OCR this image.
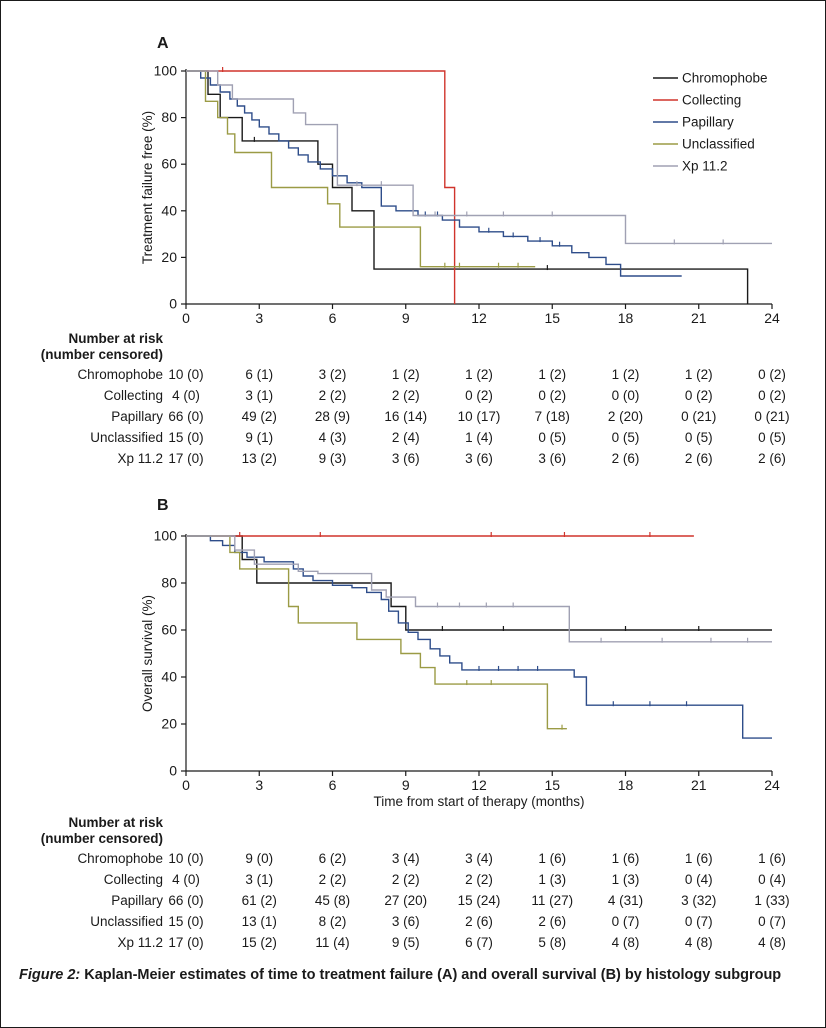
A
0	3	6	9	12	15	18	21	24
0
20
40
60
80
100
Treatment failure free (%)
Chromophobe
Collecting
Papillary
Unclassified
Xp 11.2
Number at risk
(number censored)
Chromophobe 10 (0)	6 (1)	3 (2)	1 (2)	1 (2)	1 (2)	1 (2)	1 (2)	0 (2)
Collecting 4 (0)	3 (1)	2 (2)	2 (2)	0 (2)	0 (2)	0 (0)	0 (2)	0 (2)
Papillary 66 (0)	49 (2)	28 (9)	16 (14)	10 (17)	7 (18)	2 (20)	0 (21)	0 (21)
Unclassified 15 (0)	9 (1)	4 (3)	2 (4)	1 (4)	0 (5)	0 (5)	0 (5)	0 (5)
Xp 11.2 17 (0)	13 (2)	9 (3)	3 (6)	3 (6)	3 (6)	2 (6)	2 (6)	2 (6)
B
0	3	6	9	12	15	18	21	24
0
20
40
60
80
100
Overall survival (%)
Time from start of therapy (months)
Number at risk
(number censored)
Chromophobe 10 (0)	9 (0)	6 (2)	3 (4)	3 (4)	1 (6)	1 (6)	1 (6)	1 (6)
Collecting 4 (0)	3 (1)	2 (2)	2 (2)	2 (2)	1 (3)	1 (3)	0 (4)	0 (4)
Papillary 66 (0)	61 (2)	45 (8)	27 (20)	15 (24)	11 (27)	4 (31)	3 (32)	1 (33)
Unclassified 15 (0)	13 (1)	8 (2)	3 (6)	2 (6)	2 (6)	0 (7)	0 (7)	0 (7)
Xp 11.2 17 (0)	15 (2)	11 (4)	9 (5)	6 (7)	5 (8)	4 (8)	4 (8)	4 (8)
Figure 2: Kaplan-Meier estimates of time to treatment failure (A) and overall survival (B) by histology subgroup
